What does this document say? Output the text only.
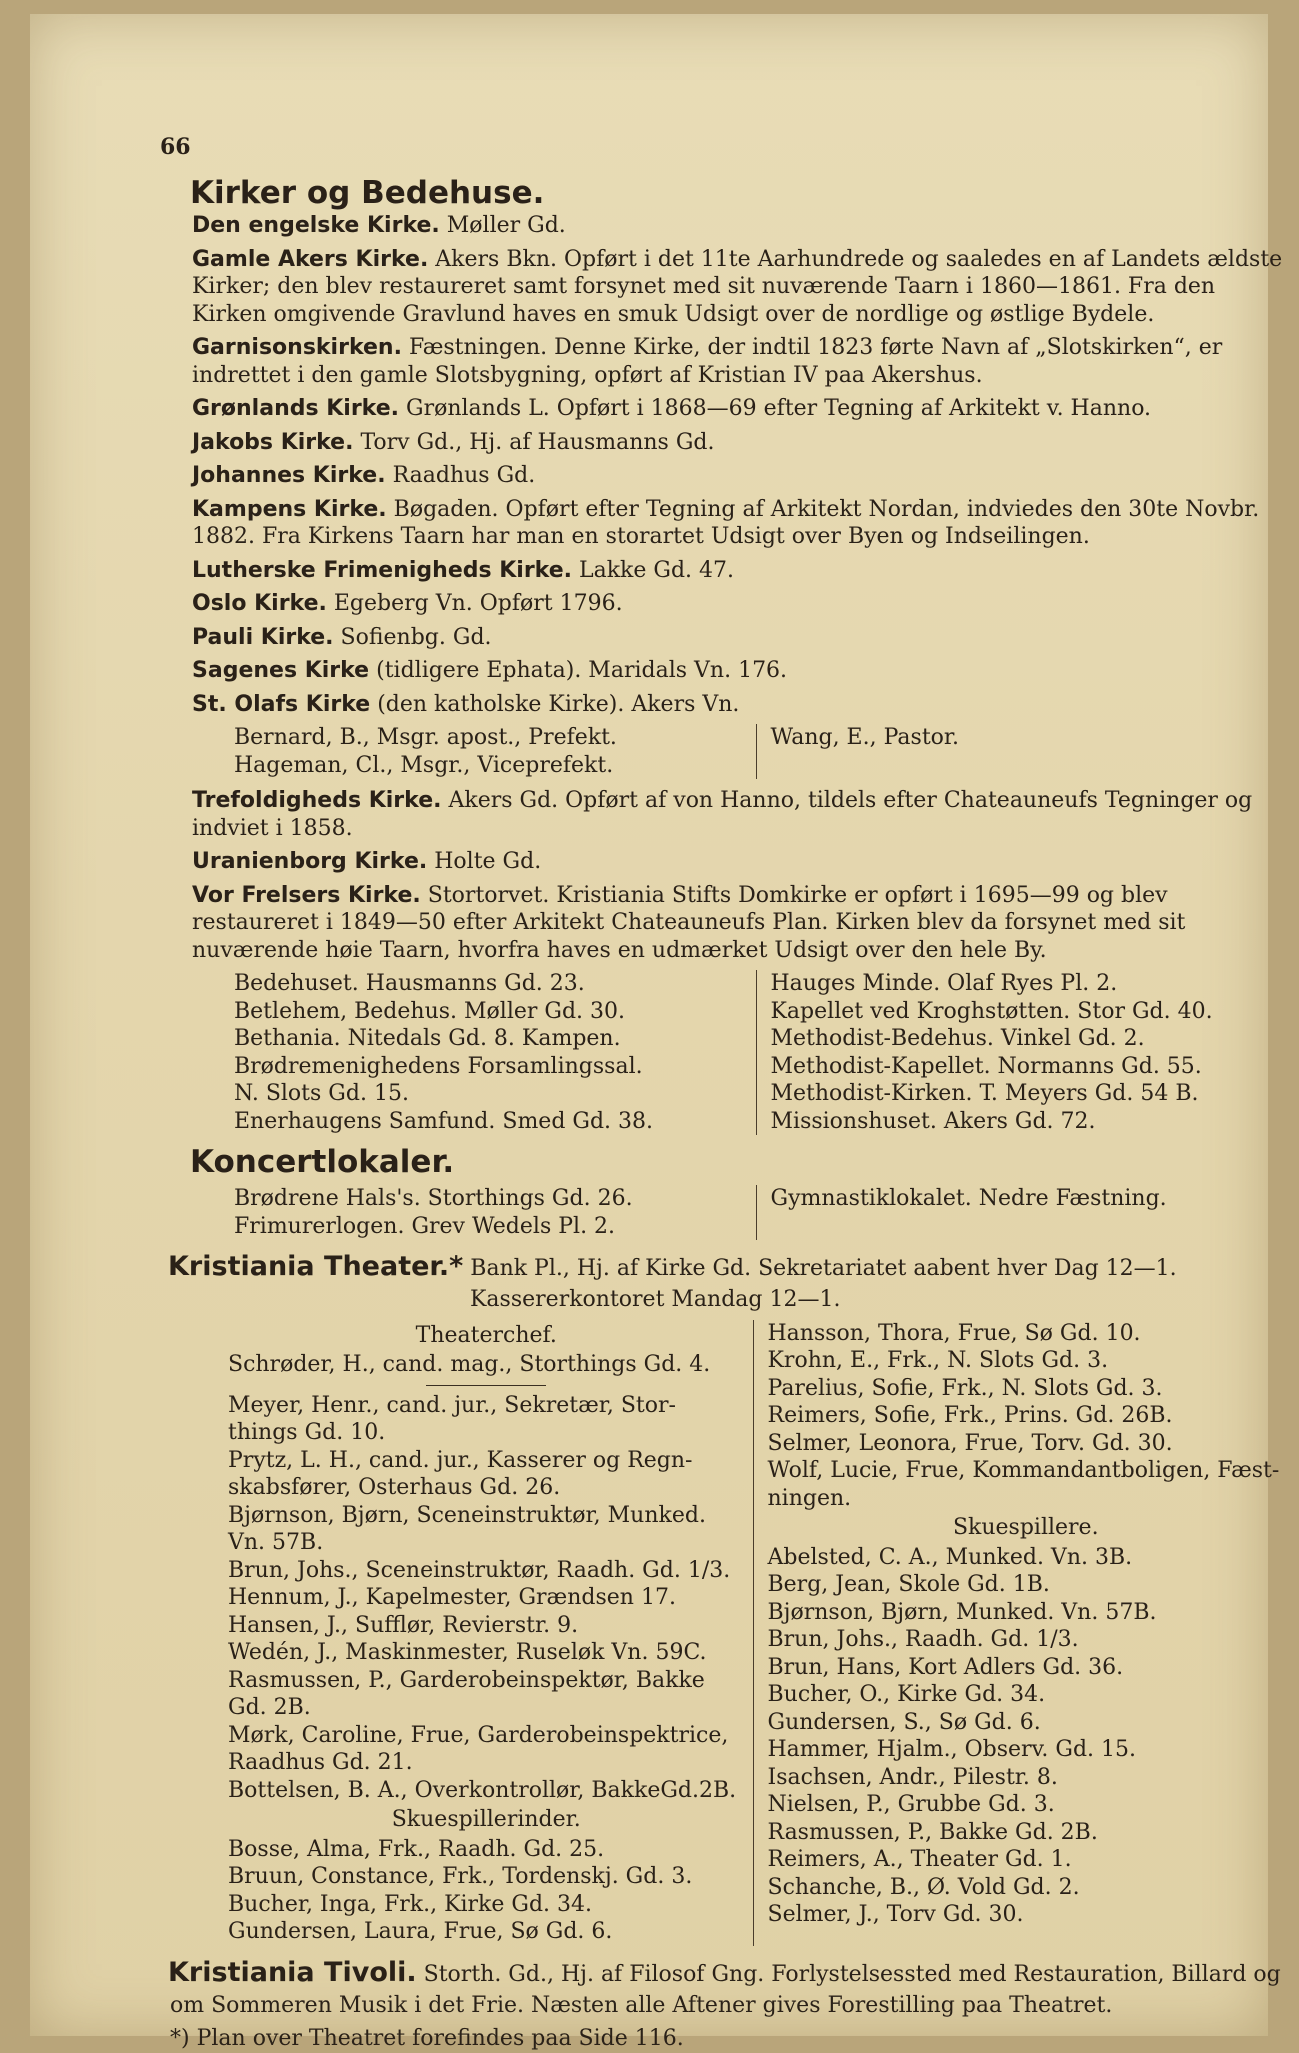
66
Kirker og Bedehuse.
Den engelske Kirke. Møller Gd.
Gamle Akers Kirke. Akers Bkn. Opført i det 11te Aarhundrede og saaledes en af Landets ældste Kirker; den blev restaureret samt forsynet med sit nuværende Taarn i 1860—1861. Fra den Kirken omgivende Gravlund haves en smuk Udsigt over de nordlige og østlige Bydele.
Garnisonskirken. Fæstningen. Denne Kirke, der indtil 1823 førte Navn af „Slotskirken“, er indrettet i den gamle Slotsbygning, opført af Kristian IV paa Akershus.
Grønlands Kirke. Grønlands L. Opført i 1868—69 efter Tegning af Arkitekt v. Hanno.
Jakobs Kirke. Torv Gd., Hj. af Hausmanns Gd.
Johannes Kirke. Raadhus Gd.
Kampens Kirke. Bøgaden. Opført efter Tegning af Arkitekt Nordan, indviedes den 30te Novbr. 1882. Fra Kirkens Taarn har man en storartet Udsigt over Byen og Indseilingen.
Lutherske Frimenigheds Kirke. Lakke Gd. 47.
Oslo Kirke. Egeberg Vn. Opført 1796.
Pauli Kirke. Sofienbg. Gd.
Sagenes Kirke (tidligere Ephata). Maridals Vn. 176.
St. Olafs Kirke (den katholske Kirke). Akers Vn.
Bernard, B., Msgr. apost., Prefekt.
Hageman, Cl., Msgr., Viceprefekt.
Wang, E., Pastor.
Trefoldigheds Kirke. Akers Gd. Opført af von Hanno, tildels efter Chateauneufs Tegninger og indviet i 1858.
Uranienborg Kirke. Holte Gd.
Vor Frelsers Kirke. Stortorvet. Kristiania Stifts Domkirke er opført i 1695—99 og blev restaureret i 1849—50 efter Arkitekt Chateauneufs Plan. Kirken blev da forsynet med sit nuværende høie Taarn, hvorfra haves en udmærket Udsigt over den hele By.
Bedehuset. Hausmanns Gd. 23.
Betlehem, Bedehus. Møller Gd. 30.
Bethania. Nitedals Gd. 8. Kampen.
Brødremenighedens Forsamlingssal.
N. Slots Gd. 15.
Enerhaugens Samfund. Smed Gd. 38.
Hauges Minde. Olaf Ryes Pl. 2.
Kapellet ved Kroghstøtten. Stor Gd. 40.
Methodist-Bedehus. Vinkel Gd. 2.
Methodist-Kapellet. Normanns Gd. 55.
Methodist-Kirken. T. Meyers Gd. 54 B.
Missionshuset. Akers Gd. 72.
Koncertlokaler.
Brødrene Hals's. Storthings Gd. 26.
Frimurerlogen. Grev Wedels Pl. 2.
Gymnastiklokalet. Nedre Fæstning.
Kristiania Theater.* Bank Pl., Hj. af Kirke Gd. Sekretariatet aabent hver Dag 12—1.
Kassererkontoret Mandag 12—1.
Theaterchef.
Schrøder, H., cand. mag., Storthings Gd. 4.
Meyer, Henr., cand. jur., Sekretær, Stor-
things Gd. 10.
Prytz, L. H., cand. jur., Kasserer og Regn-
skabsfører, Osterhaus Gd. 26.
Bjørnson, Bjørn, Sceneinstruktør, Munked.
Vn. 57B.
Brun, Johs., Sceneinstruktør, Raadh. Gd. 1/3.
Hennum, J., Kapelmester, Grændsen 17.
Hansen, J., Sufflør, Revierstr. 9.
Wedén, J., Maskinmester, Ruseløk Vn. 59C.
Rasmussen, P., Garderobeinspektør, Bakke
Gd. 2B.
Mørk, Caroline, Frue, Garderobeinspektrice,
Raadhus Gd. 21.
Bottelsen, B. A., Overkontrollør, BakkeGd.2B.
Skuespillerinder.
Bosse, Alma, Frk., Raadh. Gd. 25.
Bruun, Constance, Frk., Tordenskj. Gd. 3.
Bucher, Inga, Frk., Kirke Gd. 34.
Gundersen, Laura, Frue, Sø Gd. 6.
Hansson, Thora, Frue, Sø Gd. 10.
Krohn, E., Frk., N. Slots Gd. 3.
Parelius, Sofie, Frk., N. Slots Gd. 3.
Reimers, Sofie, Frk., Prins. Gd. 26B.
Selmer, Leonora, Frue, Torv. Gd. 30.
Wolf, Lucie, Frue, Kommandantboligen, Fæst-
ningen.
Skuespillere.
Abelsted, C. A., Munked. Vn. 3B.
Berg, Jean, Skole Gd. 1B.
Bjørnson, Bjørn, Munked. Vn. 57B.
Brun, Johs., Raadh. Gd. 1/3.
Brun, Hans, Kort Adlers Gd. 36.
Bucher, O., Kirke Gd. 34.
Gundersen, S., Sø Gd. 6.
Hammer, Hjalm., Observ. Gd. 15.
Isachsen, Andr., Pilestr. 8.
Nielsen, P., Grubbe Gd. 3.
Rasmussen, P., Bakke Gd. 2B.
Reimers, A., Theater Gd. 1.
Schanche, B., Ø. Vold Gd. 2.
Selmer, J., Torv Gd. 30.
Kristiania Tivoli. Storth. Gd., Hj. af Filosof Gng. Forlystelsessted med Restauration, Billard og om Sommeren Musik i det Frie. Næsten alle Aftener gives Forestilling paa Theatret.
*) Plan over Theatret forefindes paa Side 116.
